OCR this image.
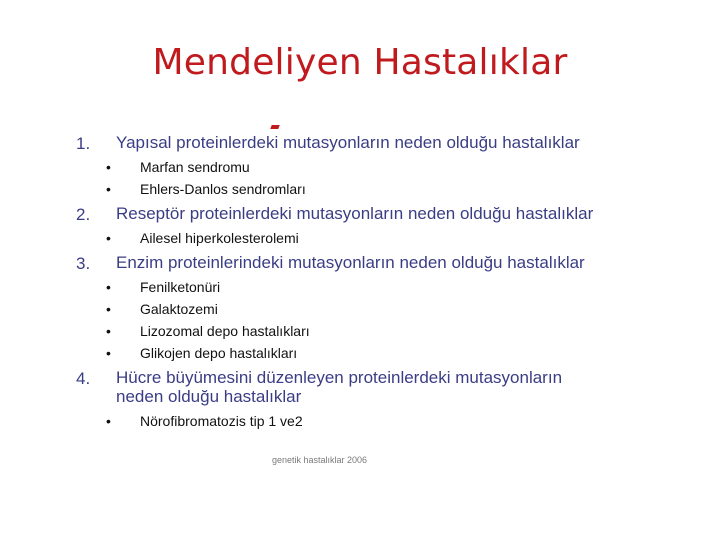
Mendeliyen Hastalıklar
1. Yapısal proteinlerdeki mutasyonların neden olduğu hastalıklar
• Marfan sendromu
• Ehlers-Danlos sendromları
2. Reseptör proteinlerdeki mutasyonların neden olduğu hastalıklar
• Ailesel hiperkolesterolemi
3. Enzim proteinlerindeki mutasyonların neden olduğu hastalıklar
• Fenilketonüri
• Galaktozemi
• Lizozomal depo hastalıkları
• Glikojen depo hastalıkları
4. Hücre büyümesini düzenleyen proteinlerdeki mutasyonların neden olduğu hastalıklar
• Nörofibromatozis tip 1 ve2
genetik hastalıklar 2006
